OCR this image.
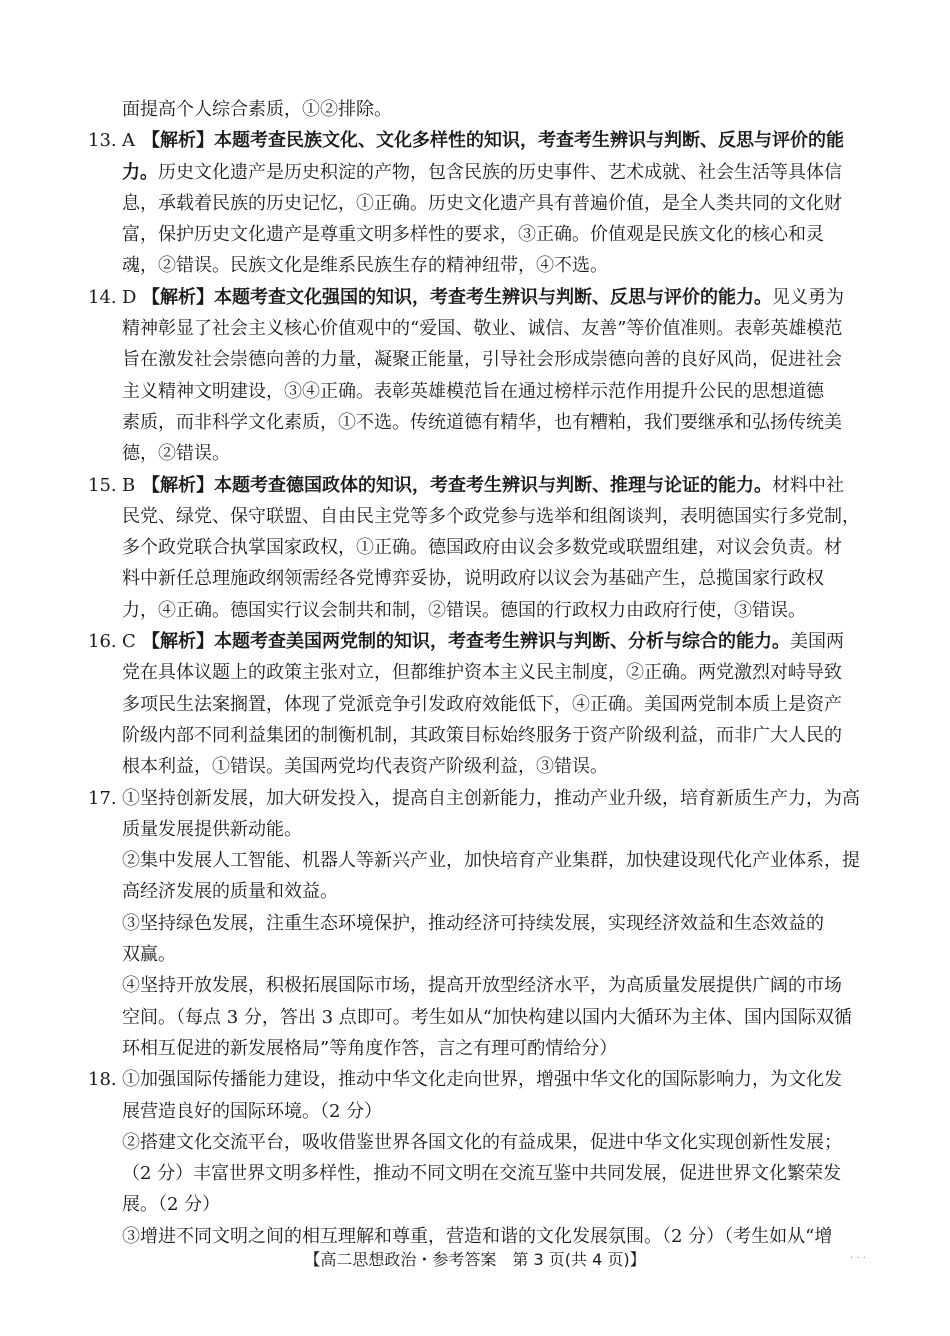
面提高个人综合素质，①②排除。
13. A 【解析】本题考查民族文化、文化多样性的知识，考查考生辨识与判断、反思与评价的能
力。历史文化遗产是历史积淀的产物，包含民族的历史事件、艺术成就、社会生活等具体信
息，承载着民族的历史记忆，①正确。历史文化遗产具有普遍价值，是全人类共同的文化财
富，保护历史文化遗产是尊重文明多样性的要求，③正确。价值观是民族文化的核心和灵
魂，②错误。民族文化是维系民族生存的精神纽带，④不选。
14. D 【解析】本题考查文化强国的知识，考查考生辨识与判断、反思与评价的能力。见义勇为
精神彰显了社会主义核心价值观中的“爱国、敬业、诚信、友善”等价值准则。表彰英雄模范
旨在激发社会崇德向善的力量，凝聚正能量，引导社会形成崇德向善的良好风尚，促进社会
主义精神文明建设，③④正确。表彰英雄模范旨在通过榜样示范作用提升公民的思想道德
素质，而非科学文化素质，①不选。传统道德有精华，也有糟粕，我们要继承和弘扬传统美
德，②错误。
15. B 【解析】本题考查德国政体的知识，考查考生辨识与判断、推理与论证的能力。材料中社
民党、绿党、保守联盟、自由民主党等多个政党参与选举和组阁谈判，表明德国实行多党制，
多个政党联合执掌国家政权，①正确。德国政府由议会多数党或联盟组建，对议会负责。材
料中新任总理施政纲领需经各党博弈妥协，说明政府以议会为基础产生，总揽国家行政权
力，④正确。德国实行议会制共和制，②错误。德国的行政权力由政府行使，③错误。
16. C 【解析】本题考查美国两党制的知识，考查考生辨识与判断、分析与综合的能力。美国两
党在具体议题上的政策主张对立，但都维护资本主义民主制度，②正确。两党激烈对峙导致
多项民生法案搁置，体现了党派竞争引发政府效能低下，④正确。美国两党制本质上是资产
阶级内部不同利益集团的制衡机制，其政策目标始终服务于资产阶级利益，而非广大人民的
根本利益，①错误。美国两党均代表资产阶级利益，③错误。
17. ①坚持创新发展，加大研发投入，提高自主创新能力，推动产业升级，培育新质生产力，为高
质量发展提供新动能。
②集中发展人工智能、机器人等新兴产业，加快培育产业集群，加快建设现代化产业体系，提
高经济发展的质量和效益。
③坚持绿色发展，注重生态环境保护，推动经济可持续发展，实现经济效益和生态效益的
双赢。
④坚持开放发展，积极拓展国际市场，提高开放型经济水平，为高质量发展提供广阔的市场
空间。（每点 3 分，答出 3 点即可。考生如从“加快构建以国内大循环为主体、国内国际双循
环相互促进的新发展格局”等角度作答，言之有理可酌情给分）
18. ①加强国际传播能力建设，推动中华文化走向世界，增强中华文化的国际影响力，为文化发
展营造良好的国际环境。（2 分）
②搭建文化交流平台，吸收借鉴世界各国文化的有益成果，促进中华文化实现创新性发展；
（2 分）丰富世界文明多样性，推动不同文明在交流互鉴中共同发展，促进世界文化繁荣发
展。（2 分）
③增进不同文明之间的相互理解和尊重，营造和谐的文化发展氛围。（2 分）（考生如从“增
【高二思想政治・参考答案　第 3 页(共 4 页)】	· · ·
